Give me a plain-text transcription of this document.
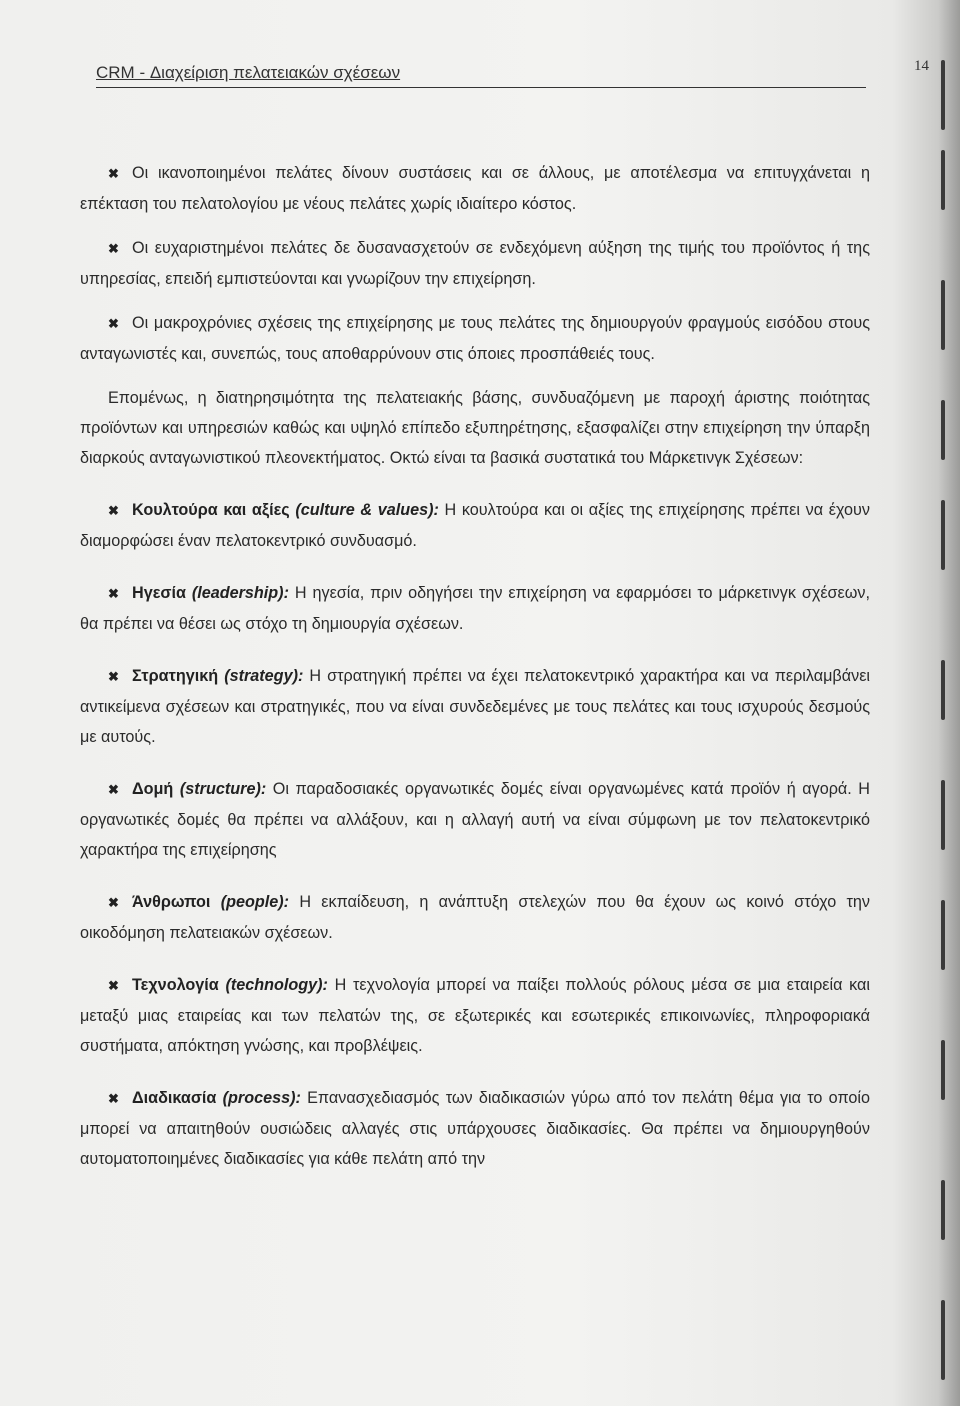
CRM - Διαχείριση πελατειακών σχέσεων	14

✖ Οι ικανοποιημένοι πελάτες δίνουν συστάσεις και σε άλλους, με αποτέλεσμα να επιτυγχάνεται η επέκταση του πελατολογίου με νέους πελάτες χωρίς ιδιαίτερο κόστος.

✖ Οι ευχαριστημένοι πελάτες δε δυσανασχετούν σε ενδεχόμενη αύξηση της τιμής του προϊόντος ή της υπηρεσίας, επειδή εμπιστεύονται και γνωρίζουν την επιχείρηση.

✖ Οι μακροχρόνιες σχέσεις της επιχείρησης με τους πελάτες της δημιουργούν φραγμούς εισόδου στους ανταγωνιστές και, συνεπώς, τους αποθαρρύνουν στις όποιες προσπάθειές τους.

Επομένως, η διατηρησιμότητα της πελατειακής βάσης, συνδυαζόμενη με παροχή άριστης ποιότητας προϊόντων και υπηρεσιών καθώς και υψηλό επίπεδο εξυπηρέτησης, εξασφαλίζει στην επιχείρηση την ύπαρξη διαρκούς ανταγωνιστικού πλεονεκτήματος. Οκτώ είναι τα βασικά συστατικά του Μάρκετινγκ Σχέσεων:

✖ Κουλτούρα και αξίες (culture & values): Η κουλτούρα και οι αξίες της επιχείρησης πρέπει να έχουν διαμορφώσει έναν πελατοκεντρικό συνδυασμό.

✖ Ηγεσία (leadership): Η ηγεσία, πριν οδηγήσει την επιχείρηση να εφαρμόσει το μάρκετινγκ σχέσεων, θα πρέπει να θέσει ως στόχο τη δημιουργία σχέσεων.

✖ Στρατηγική (strategy): Η στρατηγική πρέπει να έχει πελατοκεντρικό χαρακτήρα και να περιλαμβάνει αντικείμενα σχέσεων και στρατηγικές, που να είναι συνδεδεμένες με τους πελάτες και τους ισχυρούς δεσμούς με αυτούς.

✖ Δομή (structure): Οι παραδοσιακές οργανωτικές δομές είναι οργανωμένες κατά προϊόν ή αγορά. Η οργανωτικές δομές θα πρέπει να αλλάξουν, και η αλλαγή αυτή να είναι σύμφωνη με τον πελατοκεντρικό χαρακτήρα της επιχείρησης

✖ Άνθρωποι (people): Η εκπαίδευση, η ανάπτυξη στελεχών που θα έχουν ως κοινό στόχο την οικοδόμηση πελατειακών σχέσεων.

✖ Τεχνολογία (technology): Η τεχνολογία μπορεί να παίξει πολλούς ρόλους μέσα σε μια εταιρεία και μεταξύ μιας εταιρείας και των πελατών της, σε εξωτερικές και εσωτερικές επικοινωνίες, πληροφοριακά συστήματα, απόκτηση γνώσης, και προβλέψεις.

✖ Διαδικασία (process): Επανασχεδιασμός των διαδικασιών γύρω από τον πελάτη θέμα για το οποίο μπορεί να απαιτηθούν ουσιώδεις αλλαγές στις υπάρχουσες διαδικασίες. Θα πρέπει να δημιουργηθούν αυτοματοποιημένες διαδικασίες για κάθε πελάτη από την
